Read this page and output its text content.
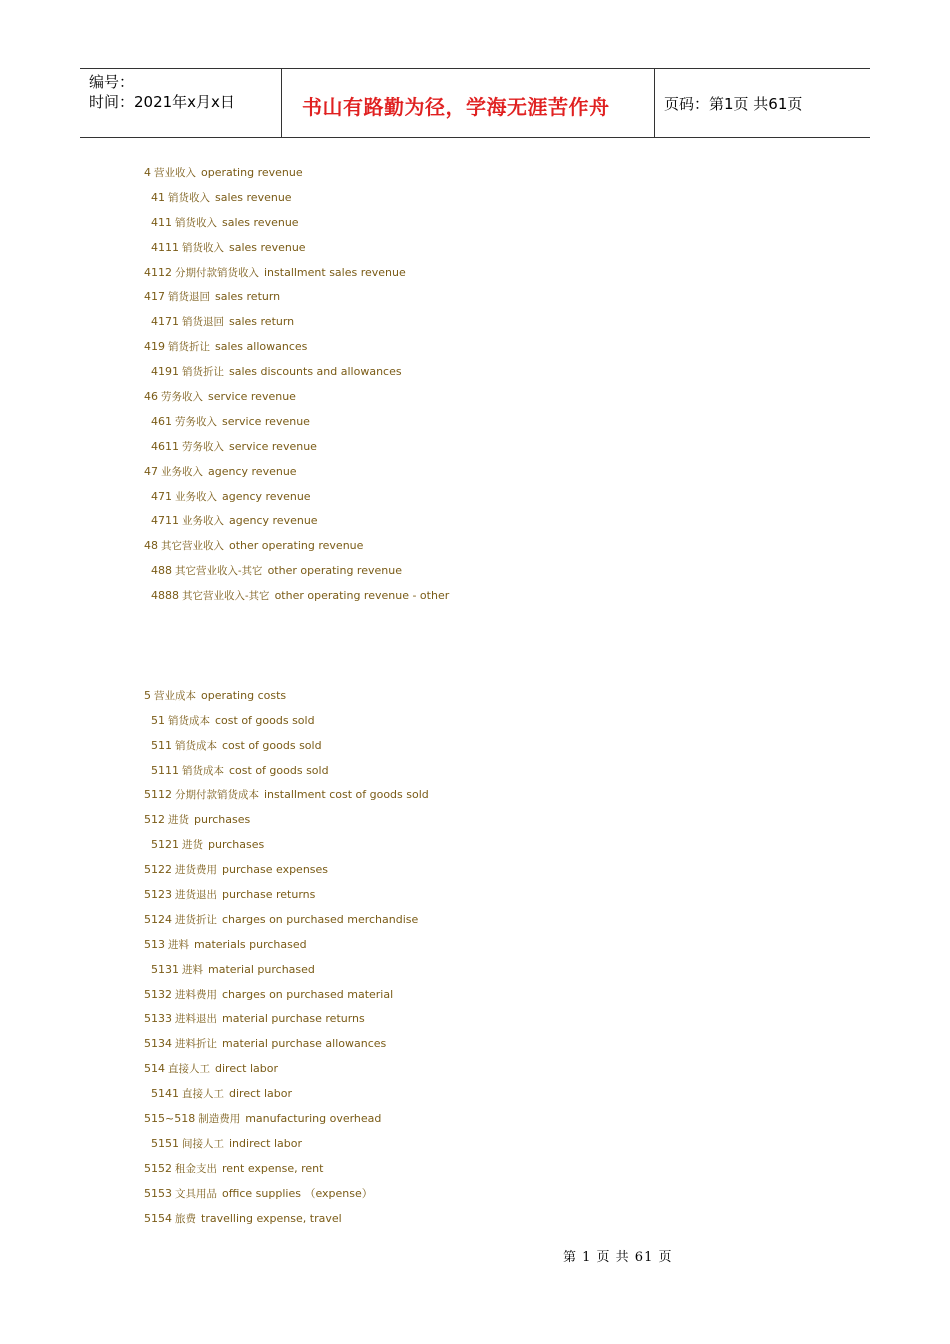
编号：
时间：2021年x月x日	书山有路勤为径，学海无涯苦作舟	页码：第1页 共61页
4 营业收入 operating revenue
41 销货收入 sales revenue
411 销货收入 sales revenue
4111 销货收入 sales revenue
4112 分期付款销货收入 installment sales revenue
417 销货退回 sales return
4171 销货退回 sales return
419 销货折让 sales allowances
4191 销货折让 sales discounts and allowances
46 劳务收入 service revenue
461 劳务收入 service revenue
4611 劳务收入 service revenue
47 业务收入 agency revenue
471 业务收入 agency revenue
4711 业务收入 agency revenue
48 其它营业收入 other operating revenue
488 其它营业收入-其它 other operating revenue
4888 其它营业收入-其它 other operating revenue - other
5 营业成本 operating costs
51 销货成本 cost of goods sold
511 销货成本 cost of goods sold
5111 销货成本 cost of goods sold
5112 分期付款销货成本 installment cost of goods sold
512 进货 purchases
5121 进货 purchases
5122 进货费用 purchase expenses
5123 进货退出 purchase returns
5124 进货折让 charges on purchased merchandise
513 进料 materials purchased
5131 进料 material purchased
5132 进料费用 charges on purchased material
5133 进料退出 material purchase returns
5134 进料折让 material purchase allowances
514 直接人工 direct labor
5141 直接人工 direct labor
515~518 制造费用 manufacturing overhead
5151 间接人工 indirect labor
5152 租金支出 rent expense, rent
5153 文具用品 office supplies （expense）
5154 旅费 travelling expense, travel
第 1 页 共 61 页
